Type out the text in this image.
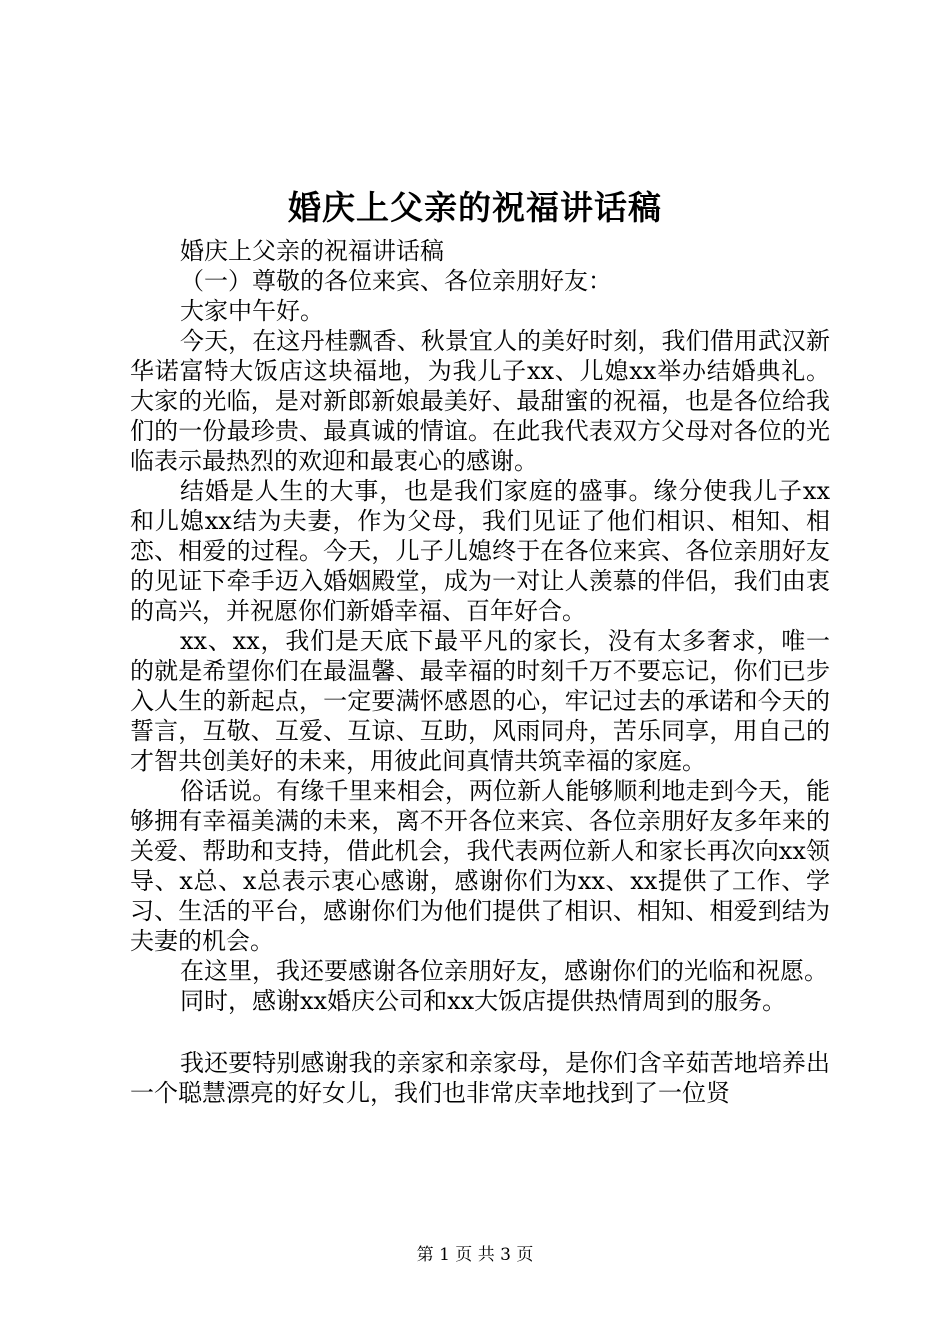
婚庆上父亲的祝福讲话稿

婚庆上父亲的祝福讲话稿

（一）尊敬的各位来宾、各位亲朋好友：

大家中午好。

今天，在这丹桂飘香、秋景宜人的美好时刻，我们借用武汉新华诺富特大饭店这块福地，为我儿子xx、儿媳xx举办结婚典礼。大家的光临，是对新郎新娘最美好、最甜蜜的祝福，也是各位给我们的一份最珍贵、最真诚的情谊。在此我代表双方父母对各位的光临表示最热烈的欢迎和最衷心的感谢。

结婚是人生的大事，也是我们家庭的盛事。缘分使我儿子xx和儿媳xx结为夫妻，作为父母，我们见证了他们相识、相知、相恋、相爱的过程。今天，儿子儿媳终于在各位来宾、各位亲朋好友的见证下牵手迈入婚姻殿堂，成为一对让人羡慕的伴侣，我们由衷的高兴，并祝愿你们新婚幸福、百年好合。

xx、xx，我们是天底下最平凡的家长，没有太多奢求，唯一的就是希望你们在最温馨、最幸福的时刻千万不要忘记，你们已步入人生的新起点，一定要满怀感恩的心，牢记过去的承诺和今天的誓言，互敬、互爱、互谅、互助，风雨同舟，苦乐同享，用自己的才智共创美好的未来，用彼此间真情共筑幸福的家庭。

俗话说。有缘千里来相会，两位新人能够顺利地走到今天，能够拥有幸福美满的未来，离不开各位来宾、各位亲朋好友多年来的关爱、帮助和支持，借此机会，我代表两位新人和家长再次向xx领导、x总、x总表示衷心感谢，感谢你们为xx、xx提供了工作、学习、生活的平台，感谢你们为他们提供了相识、相知、相爱到结为夫妻的机会。

在这里，我还要感谢各位亲朋好友，感谢你们的光临和祝愿。

同时，感谢xx婚庆公司和xx大饭店提供热情周到的服务。

我还要特别感谢我的亲家和亲家母，是你们含辛茹苦地培养出一个聪慧漂亮的好女儿，我们也非常庆幸地找到了一位贤

第 1 页 共 3 页
